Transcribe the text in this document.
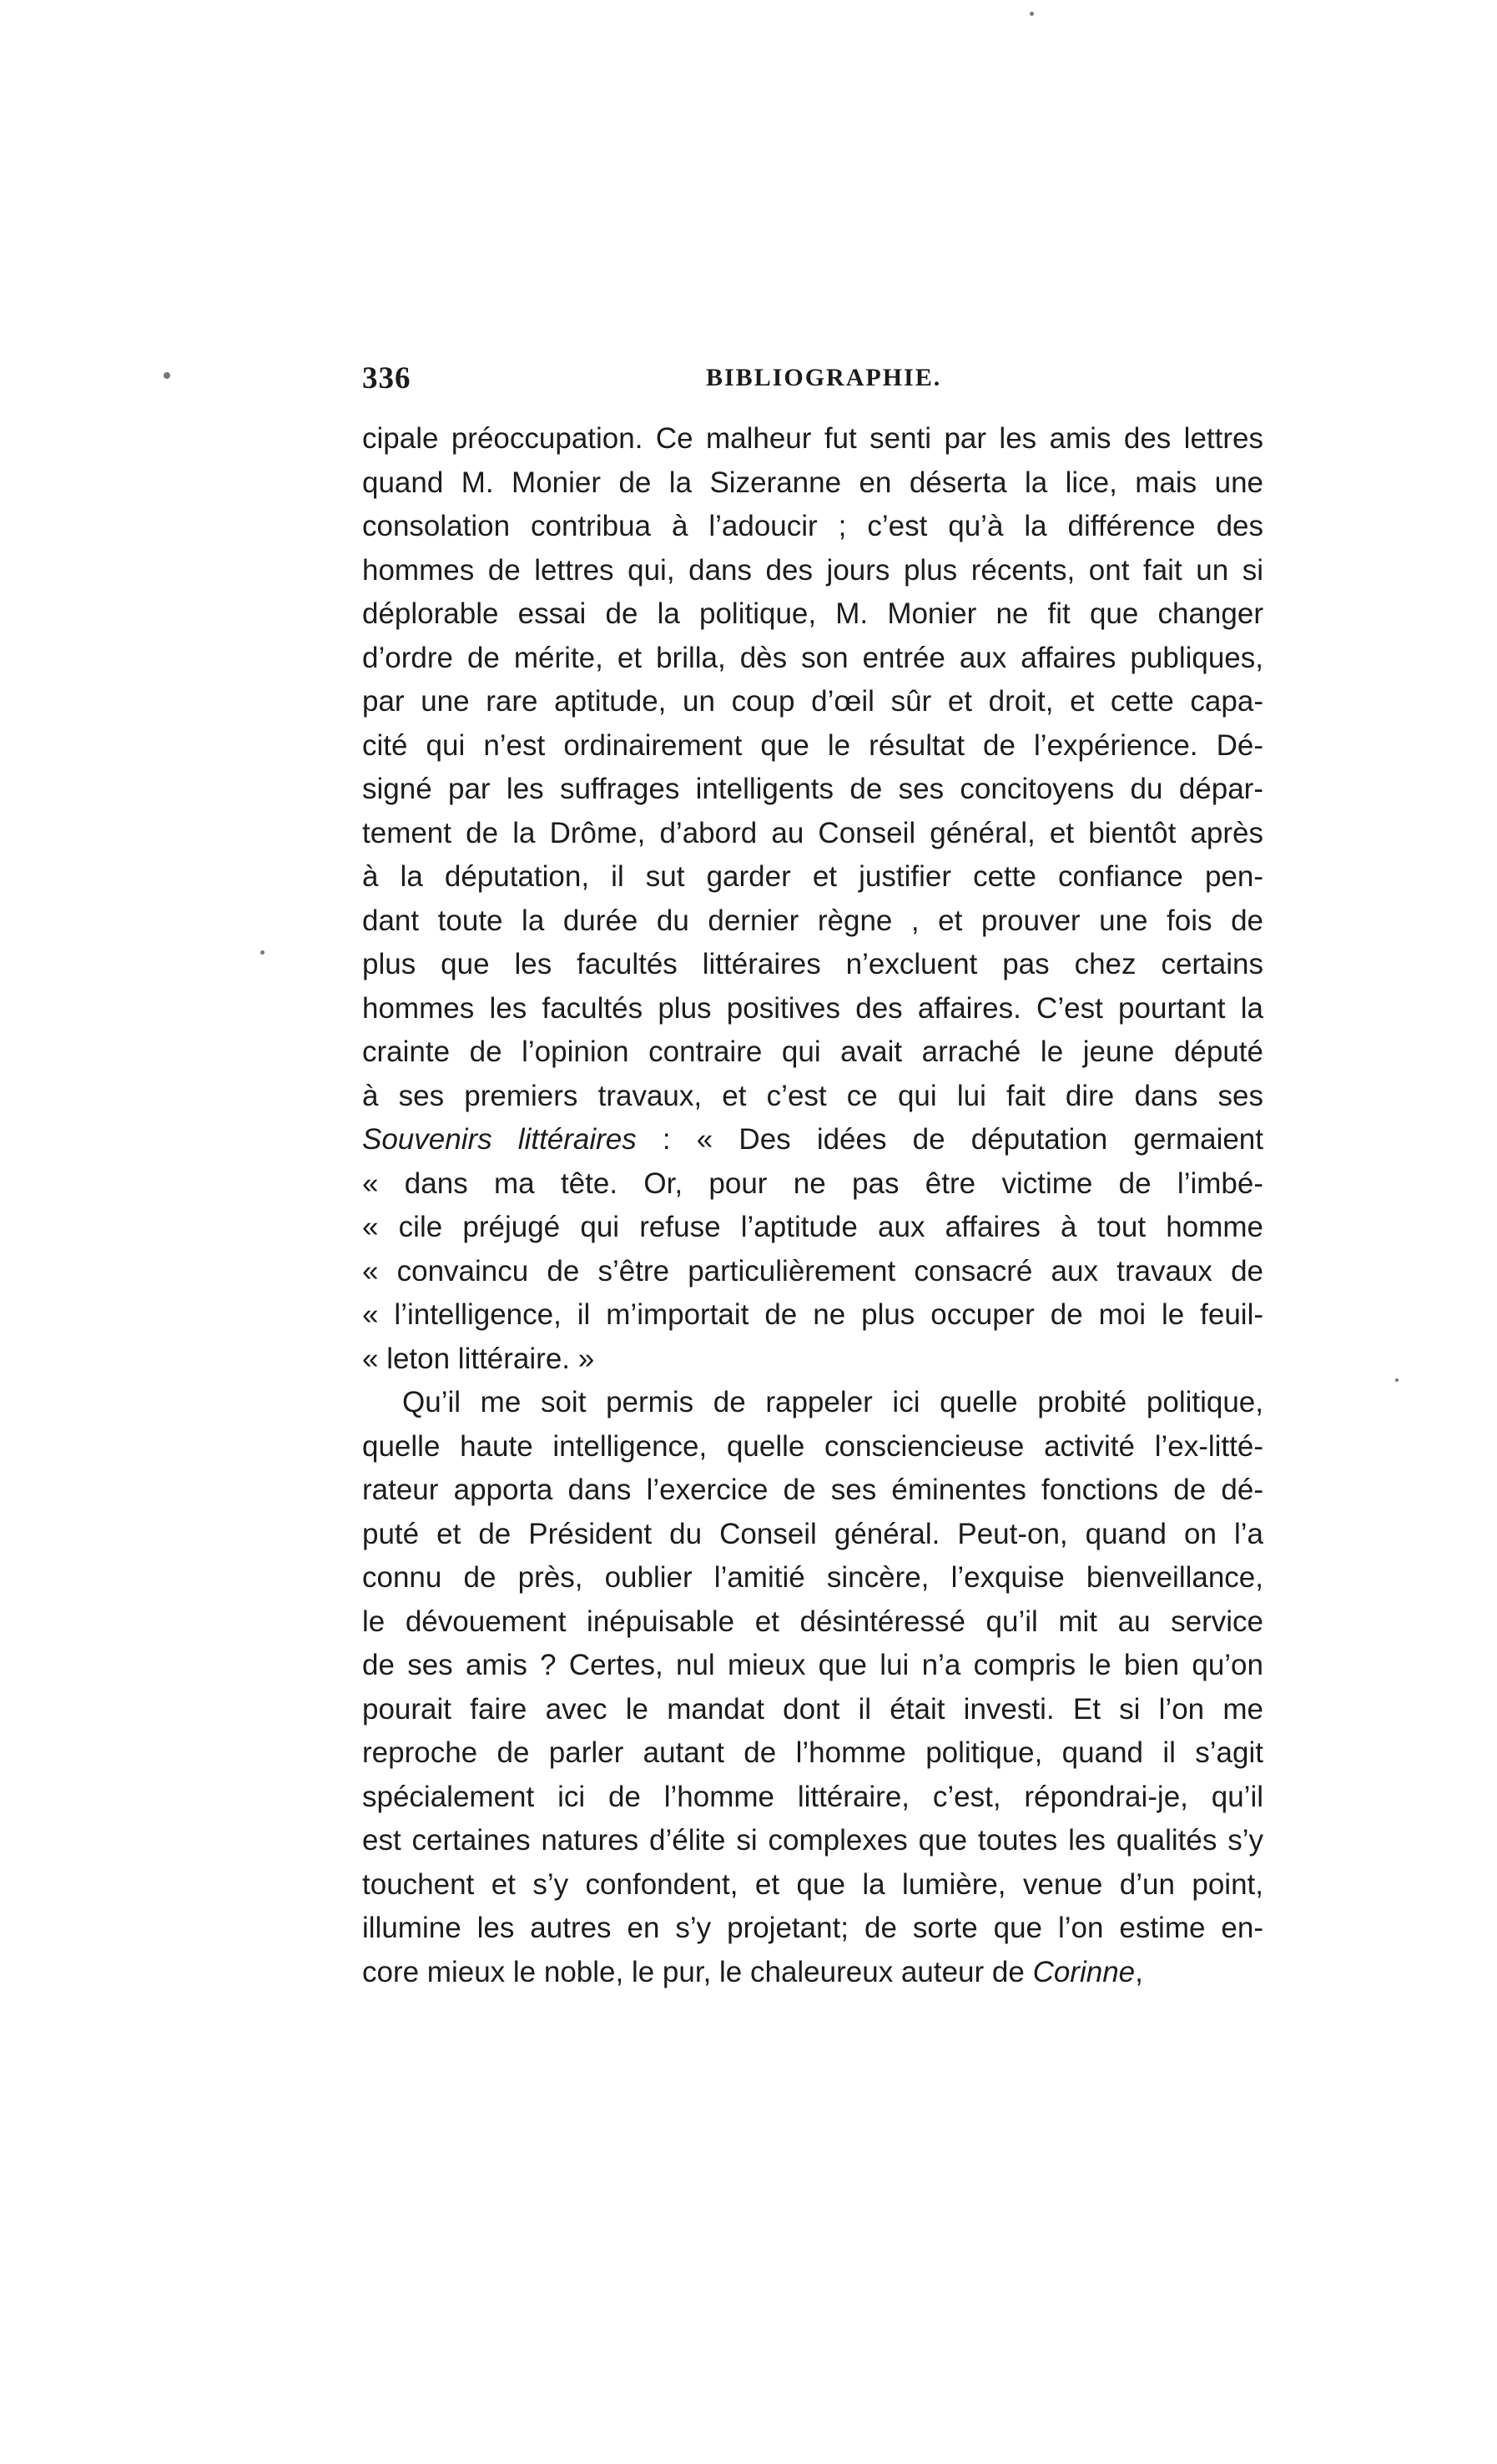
336	BIBLIOGRAPHIE.
cipale préoccupation. Ce malheur fut senti par les amis des lettres
quand M. Monier de la Sizeranne en déserta la lice, mais une
consolation contribua à l’adoucir ; c’est qu’à la différence des
hommes de lettres qui, dans des jours plus récents, ont fait un si
déplorable essai de la politique, M. Monier ne fit que changer
d’ordre de mérite, et brilla, dès son entrée aux affaires publiques,
par une rare aptitude, un coup d’œil sûr et droit, et cette capa-
cité qui n’est ordinairement que le résultat de l’expérience. Dé-
signé par les suffrages intelligents de ses concitoyens du dépar-
tement de la Drôme, d’abord au Conseil général, et bientôt après
à la députation, il sut garder et justifier cette confiance pen-
dant toute la durée du dernier règne , et prouver une fois de
plus que les facultés littéraires n’excluent pas chez certains
hommes les facultés plus positives des affaires. C’est pourtant la
crainte de l’opinion contraire qui avait arraché le jeune député
à ses premiers travaux, et c’est ce qui lui fait dire dans ses
Souvenirs littéraires : « Des idées de députation germaient
« dans ma tête. Or, pour ne pas être victime de l’imbé-
« cile préjugé qui refuse l’aptitude aux affaires à tout homme
« convaincu de s’être particulièrement consacré aux travaux de
« l’intelligence, il m’importait de ne plus occuper de moi le feuil-
« leton littéraire. »
Qu’il me soit permis de rappeler ici quelle probité politique,
quelle haute intelligence, quelle consciencieuse activité l’ex-litté-
rateur apporta dans l’exercice de ses éminentes fonctions de dé-
puté et de Président du Conseil général. Peut-on, quand on l’a
connu de près, oublier l’amitié sincère, l’exquise bienveillance,
le dévouement inépuisable et désintéressé qu’il mit au service
de ses amis ? Certes, nul mieux que lui n’a compris le bien qu’on
pourait faire avec le mandat dont il était investi. Et si l’on me
reproche de parler autant de l’homme politique, quand il s’agit
spécialement ici de l’homme littéraire, c’est, répondrai-je, qu’il
est certaines natures d’élite si complexes que toutes les qualités s’y
touchent et s’y confondent, et que la lumière, venue d’un point,
illumine les autres en s’y projetant; de sorte que l’on estime en-
core mieux le noble, le pur, le chaleureux auteur de Corinne,
